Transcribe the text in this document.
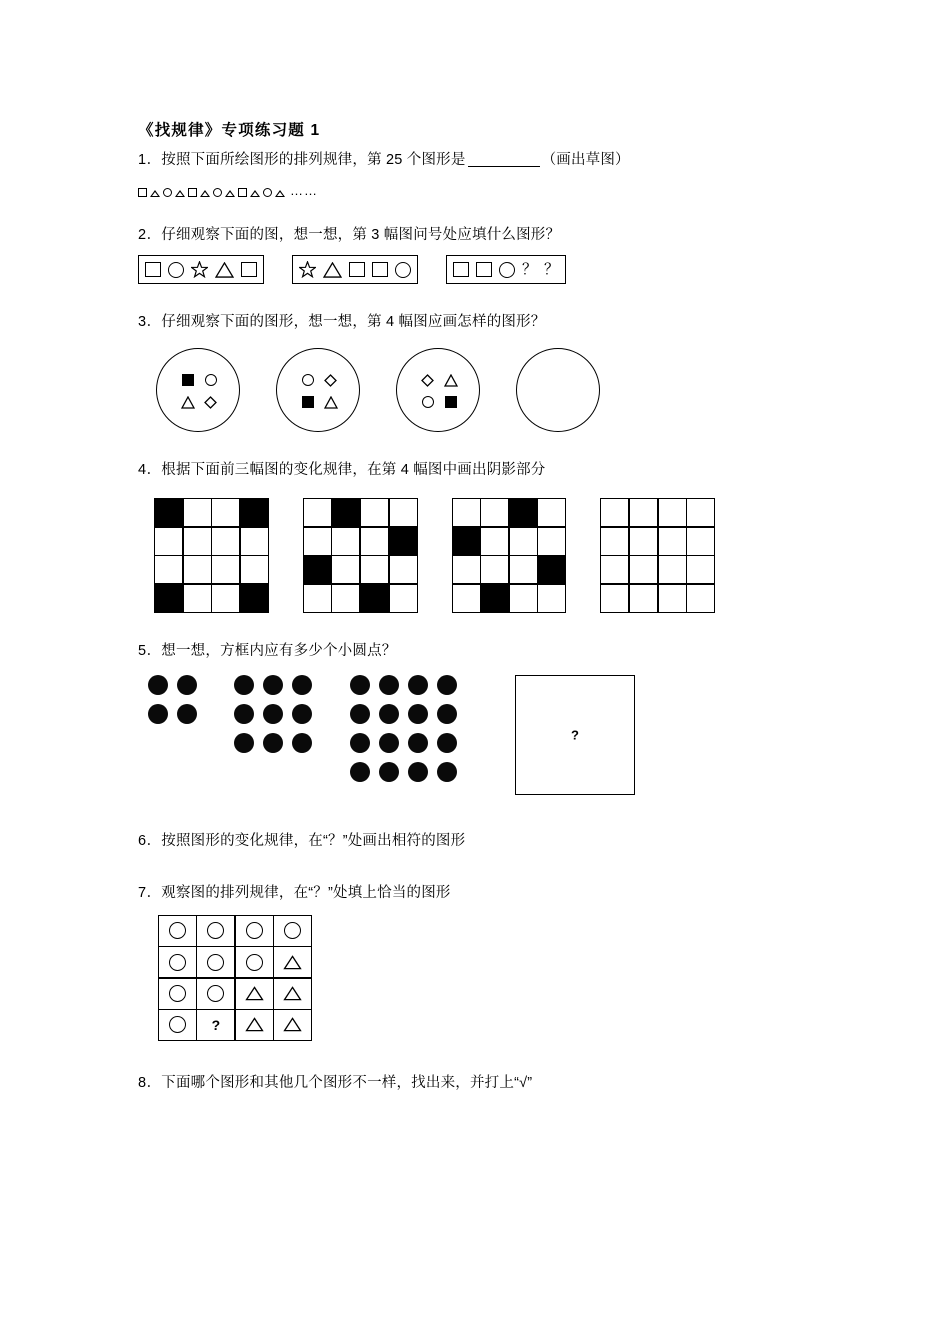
《找规律》专项练习题 1

1．按照下面所绘图形的排列规律，第 25 个图形是	（画出草图）

……

2．仔细观察下面的图，想一想，第 3 幅图问号处应填什么图形？

？ ？

3．仔细观察下面的图形，想一想，第 4 幅图应画怎样的图形？

4．根据下面前三幅图的变化规律，在第 4 幅图中画出阴影部分

5．想一想，方框内应有多少个小圆点？

?

6．按照图形的变化规律，在“？”处画出相符的图形

7．观察图的排列规律，在“？”处填上恰当的图形

?

8．下面哪个图形和其他几个图形不一样，找出来，并打上“√”
